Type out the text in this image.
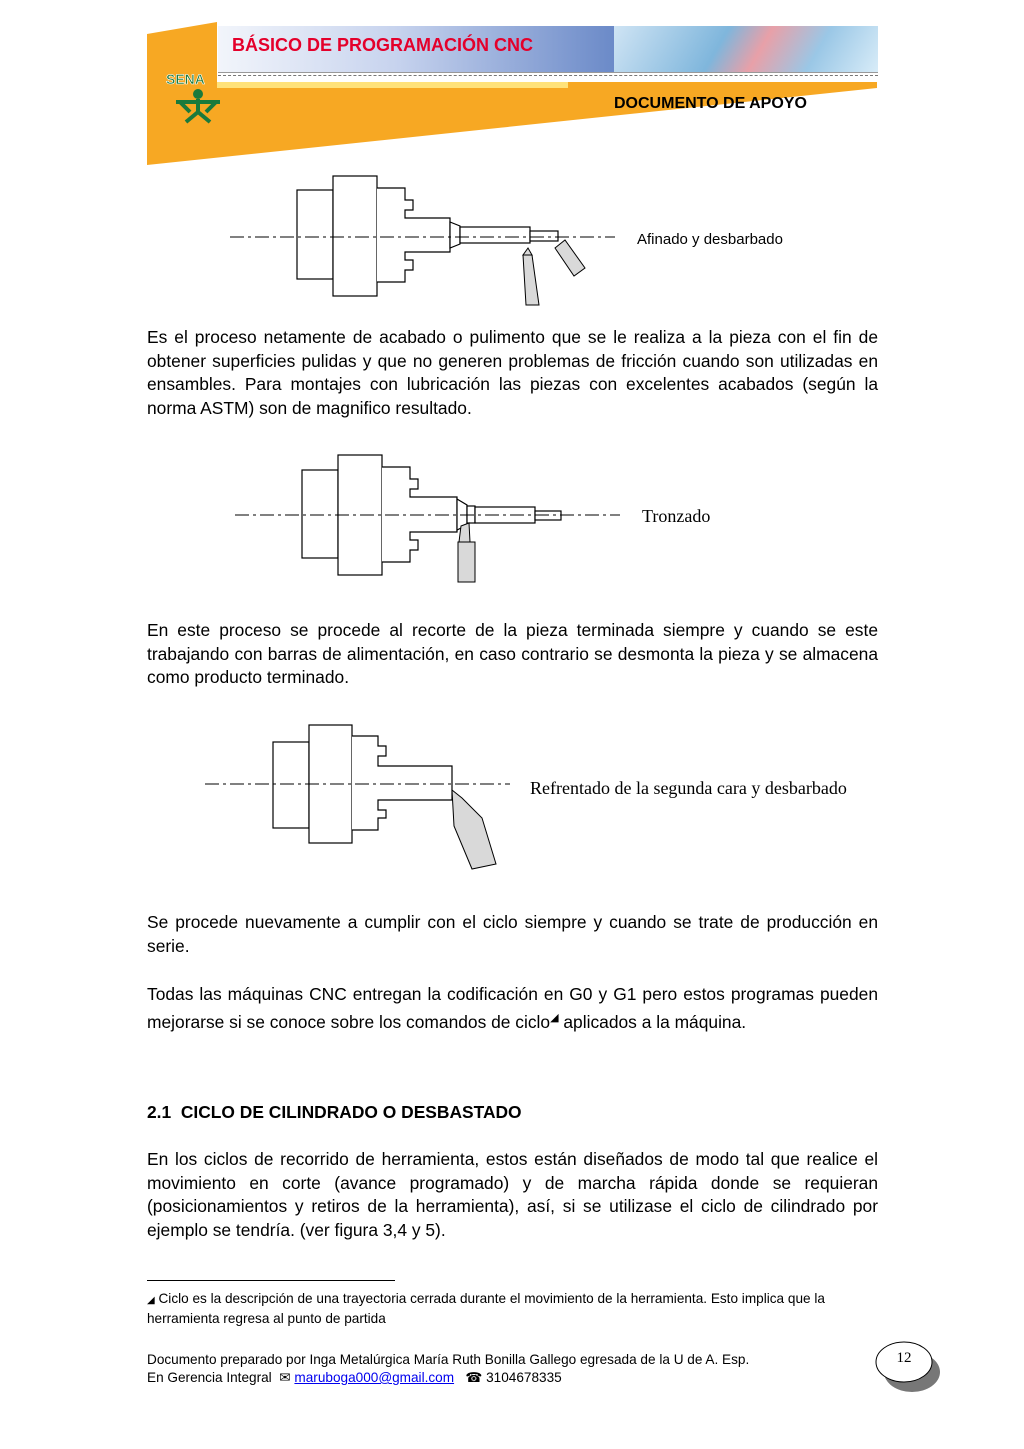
BÁSICO DE PROGRAMACIÓN CNC
SENA
DOCUMENTO DE APOYO
Afinado y desbarbado

Es el proceso netamente de acabado o pulimento que se le realiza a la pieza con el fin de obtener superficies pulidas y que no generen problemas de fricción cuando son utilizadas en ensambles. Para montajes con lubricación las piezas con excelentes acabados (según la norma ASTM) son de magnifico resultado.

Tronzado

En este proceso se procede al recorte de la pieza terminada siempre y cuando se este trabajando con barras de alimentación, en caso contrario se desmonta la pieza y se almacena como producto terminado.

Refrentado de la segunda cara y desbarbado

Se procede nuevamente a cumplir con el ciclo siempre y cuando se trate de producción en serie.

Todas las máquinas CNC entregan la codificación en G0 y G1 pero estos programas pueden mejorarse si se conoce sobre los comandos de ciclo◢ aplicados a la máquina.

2.1 CICLO DE CILINDRADO O DESBASTADO

En los ciclos de recorrido de herramienta, estos están diseñados de modo tal que realice el movimiento en corte (avance programado) y de marcha rápida donde se requieran (posicionamientos y retiros de la herramienta), así, si se utilizase el ciclo de cilindrado por ejemplo se tendría. (ver figura 3,4 y 5).

◢ Ciclo es la descripción de una trayectoria cerrada durante el movimiento de la herramienta. Esto implica que la herramienta regresa al punto de partida

Documento preparado por Inga Metalúrgica María Ruth Bonilla Gallego egresada de la U de A. Esp.
En Gerencia Integral ✉ maruboga000@gmail.com ☎ 3104678335
12
